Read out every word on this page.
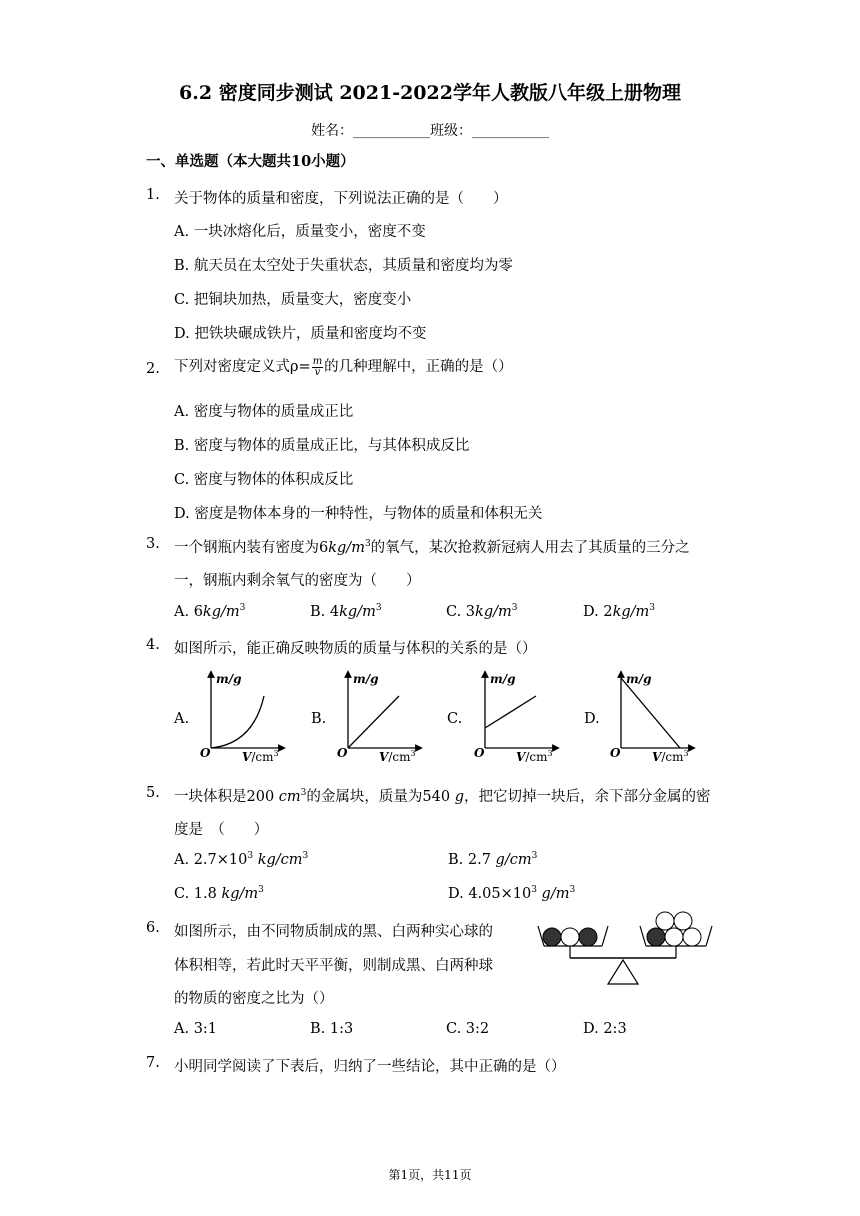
6.2 密度同步测试 2021-2022学年人教版八年级上册物理
姓名：___________班级：___________
一、单选题（本大题共10小题）
1. 关于物体的质量和密度，下列说法正确的是（　　）
A. 一块冰熔化后，质量变小，密度不变
B. 航天员在太空处于失重状态，其质量和密度均为零
C. 把铜块加热，质量变大，密度变小
D. 把铁块碾成铁片，质量和密度均不变
2. 下列对密度定义式$\rho= \frac{m}{v}$ 的几种理解中，正确的是（）
A. 密度与物体的质量成正比
B. 密度与物体的质量成正比，与其体积成反比
C. 密度与物体的体积成反比
D. 密度是物体本身的一种特性，与物体的质量和体积无关
3. 一个钢瓶内装有密度为$6kg/m^3$的氧气，某次抢救新冠病人用去了其质量的三分之
一，钢瓶内剩余氧气的密度为（　　）
A. $6kg/m^3$	B. $4kg/m^3$	C. $3kg/m^3$	D. $2kg/m^3$
4. 如图所示，能正确反映物质的质量与体积的关系的是（）
A.
m/g
O	$V/cm^3$
B.
m/g
O	$V/cm^3$
C.
m/g
O	$V/cm^3$
D.
m/g
O	$V/cm^3$
5. 一块体积是200 $cm^3$的金属块，质量为540 g，把它切掉一块后，余下部分金属的密
度是　（　　）
A. $2.7\times 10^3$ $kg/cm^3$	B. 2.7 $g/cm^3$
C. 1.8 $kg/m^3$	D. $4.05\times 10^3$ $g/m^3$
6. 如图所示，由不同物质制成的黑、白两种实心球的
体积相等，若此时天平平衡，则制成黑、白两种球
的物质的密度之比为（）
A. 3:1	B. 1:3	C. 3:2	D. 2:3
7. 小明同学阅读了下表后，归纳了一些结论，其中正确的是（）
第1页，共11页
